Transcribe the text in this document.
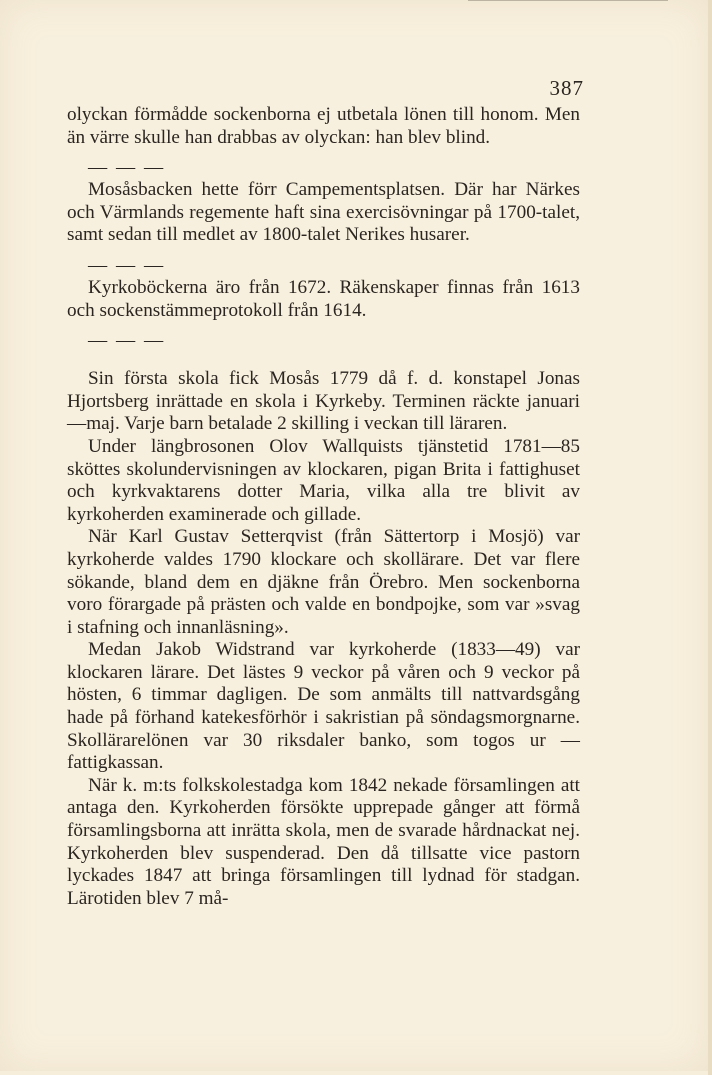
387

olyckan förmådde sockenborna ej utbetala lönen till honom. Men än värre skulle han drabbas av olyckan: han blev blind.

— — —

Mosåsbacken hette förr Campementsplatsen. Där har Närkes och Värmlands regemente haft sina exercisövningar på 1700-talet, samt sedan till medlet av 1800-talet Nerikes husarer.

— — —

Kyrkoböckerna äro från 1672. Räkenskaper finnas från 1613 och sockenstämmeprotokoll från 1614.

— — —

Sin första skola fick Mosås 1779 då f. d. konstapel Jonas Hjortsberg inrättade en skola i Kyrkeby. Terminen räckte januari—maj. Varje barn betalade 2 skilling i veckan till läraren.

Under längbrosonen Olov Wallquists tjänstetid 1781—85 sköttes skolundervisningen av klockaren, pigan Brita i fattighuset och kyrkvaktarens dotter Maria, vilka alla tre blivit av kyrkoherden examinerade och gillade.

När Karl Gustav Setterqvist (från Sättertorp i Mosjö) var kyrkoherde valdes 1790 klockare och skollärare. Det var flere sökande, bland dem en djäkne från Örebro. Men sockenborna voro förargade på prästen och valde en bondpojke, som var »svag i stafning och innanläsning».

Medan Jakob Widstrand var kyrkoherde (1833—49) var klockaren lärare. Det lästes 9 veckor på våren och 9 veckor på hösten, 6 timmar dagligen. De som anmälts till nattvardsgång hade på förhand katekesförhör i sakristian på söndagsmorgnarne. Skollärarelönen var 30 riksdaler banko, som togos ur — fattigkassan.

När k. m:ts folkskolestadga kom 1842 nekade församlingen att antaga den. Kyrkoherden försökte upprepade gånger att förmå församlingsborna att inrätta skola, men de svarade hårdnackat nej. Kyrkoherden blev suspenderad. Den då tillsatte vice pastorn lyckades 1847 att bringa församlingen till lydnad för stadgan. Lärotiden blev 7 må-
